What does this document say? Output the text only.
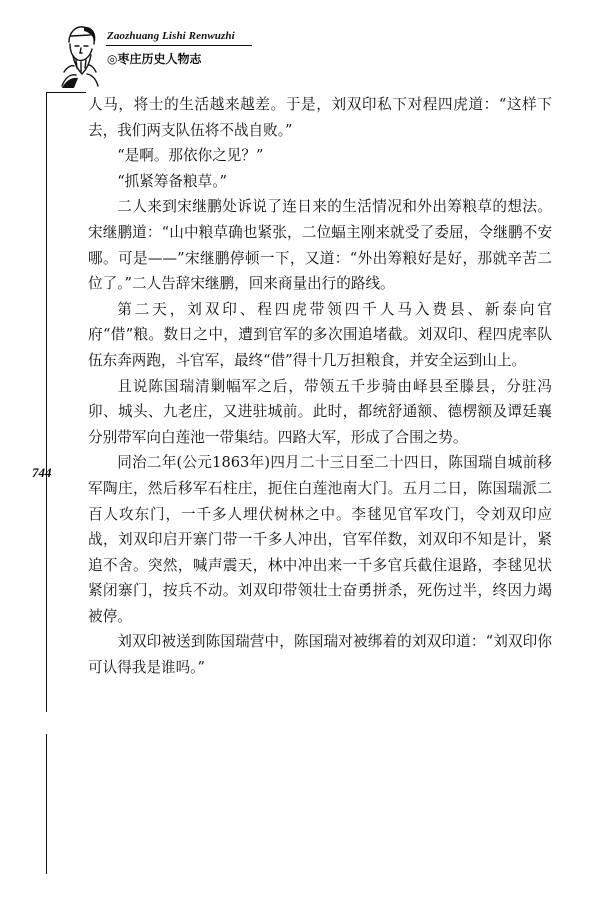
Zaozhuang Lishi Renwuzhi
◎枣庄历史人物志
744

人马，将士的生活越来越差。于是，刘双印私下对程四虎道：“这样下去，我们两支队伍将不战自败。”

“是啊。那依你之见？”

“抓紧筹备粮草。”

二人来到宋继鹏处诉说了连日来的生活情况和外出筹粮草的想法。宋继鹏道：“山中粮草确也紧张，二位蝠主刚来就受了委屈，令继鹏不安哪。可是——”宋继鹏停顿一下，又道：“外出筹粮好是好，那就辛苦二位了。”二人告辞宋继鹏，回来商量出行的路线。

第二天，刘双印、程四虎带领四千人马入费县、新泰向官府“借”粮。数日之中，遭到官军的多次围追堵截。刘双印、程四虎率队伍东奔两跑，斗官军，最终“借”得十几万担粮食，并安全运到山上。

且说陈国瑞清剿幅军之后，带领五千步骑由峄县至滕县，分驻冯卯、城头、九老庄，又进驻城前。此时，都统舒通额、德楞额及谭廷襄分别带军向白莲池一带集结。四路大军，形成了合围之势。

同治二年(公元1863年)四月二十三日至二十四日，陈国瑞自城前移军陶庄，然后移军石柱庄，扼住白莲池南大门。五月二日，陈国瑞派二百人攻东门，一千多人埋伏树林之中。李毬见官军攻门，令刘双印应战，刘双印启开寨门带一千多人冲出，官军佯数，刘双印不知是计，紧追不舍。突然，喊声震天，林中冲出来一千多官兵截住退路，李毬见状紧闭寨门，按兵不动。刘双印带领壮士奋勇拼杀，死伤过半，终因力竭被停。

刘双印被送到陈国瑞营中，陈国瑞对被绑着的刘双印道：“刘双印你可认得我是谁吗。”
